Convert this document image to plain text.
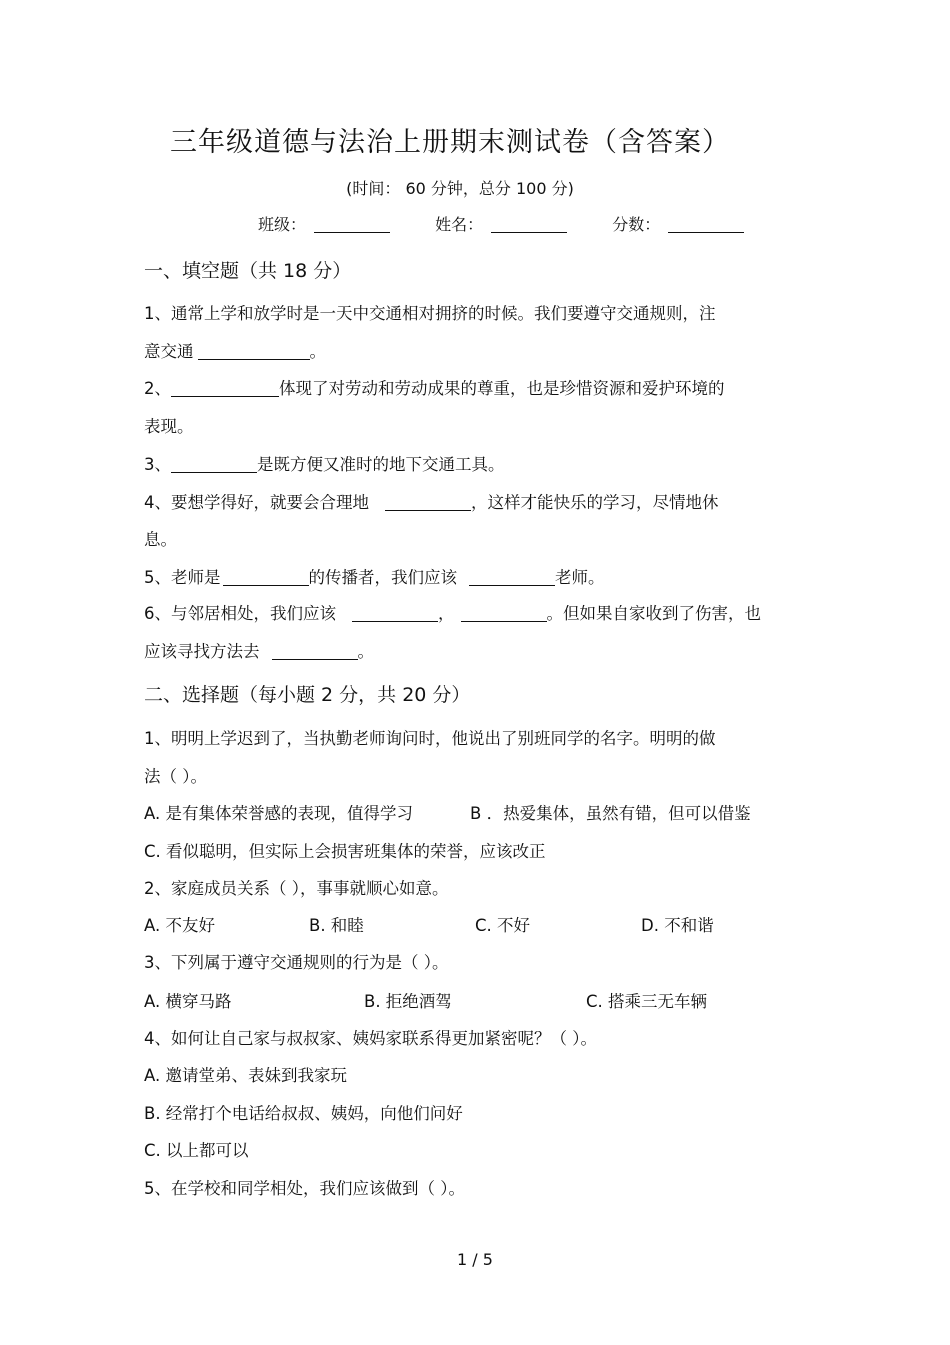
三年级道德与法治上册期末测试卷（含答案）
(时间： 60 分钟，总分 100 分)
班级：	姓名：	分数：
一、填空题（共 18 分）
1、通常上学和放学时是一天中交通相对拥挤的时候。我们要遵守交通规则，注
意交通	。
2、	体现了对劳动和劳动成果的尊重，也是珍惜资源和爱护环境的
表现。
3、	是既方便又准时的地下交通工具。
4、要想学得好，就要会合理地	，这样才能快乐的学习，尽情地休
息。
5、老师是	的传播者，我们应该	老师。
6、与邻居相处，我们应该	，	。但如果自家收到了伤害，也
应该寻找方法去	。
二、选择题（每小题 2 分，共 20 分）
1、明明上学迟到了，当执勤老师询问时，他说出了别班同学的名字。明明的做
法（ ）。
A. 是有集体荣誉感的表现，值得学习	B ．热爱集体，虽然有错，但可以借鉴
C. 看似聪明，但实际上会损害班集体的荣誉，应该改正
2、家庭成员关系（ ），事事就顺心如意。
A. 不友好	B. 和睦	C. 不好	D. 不和谐
3、下列属于遵守交通规则的行为是（ ）。
A. 横穿马路	B. 拒绝酒驾	C. 搭乘三无车辆
4、如何让自己家与叔叔家、姨妈家联系得更加紧密呢？（ ）。
A. 邀请堂弟、表妹到我家玩
B. 经常打个电话给叔叔、姨妈，向他们问好
C. 以上都可以
5、在学校和同学相处，我们应该做到（ ）。
1 / 5
